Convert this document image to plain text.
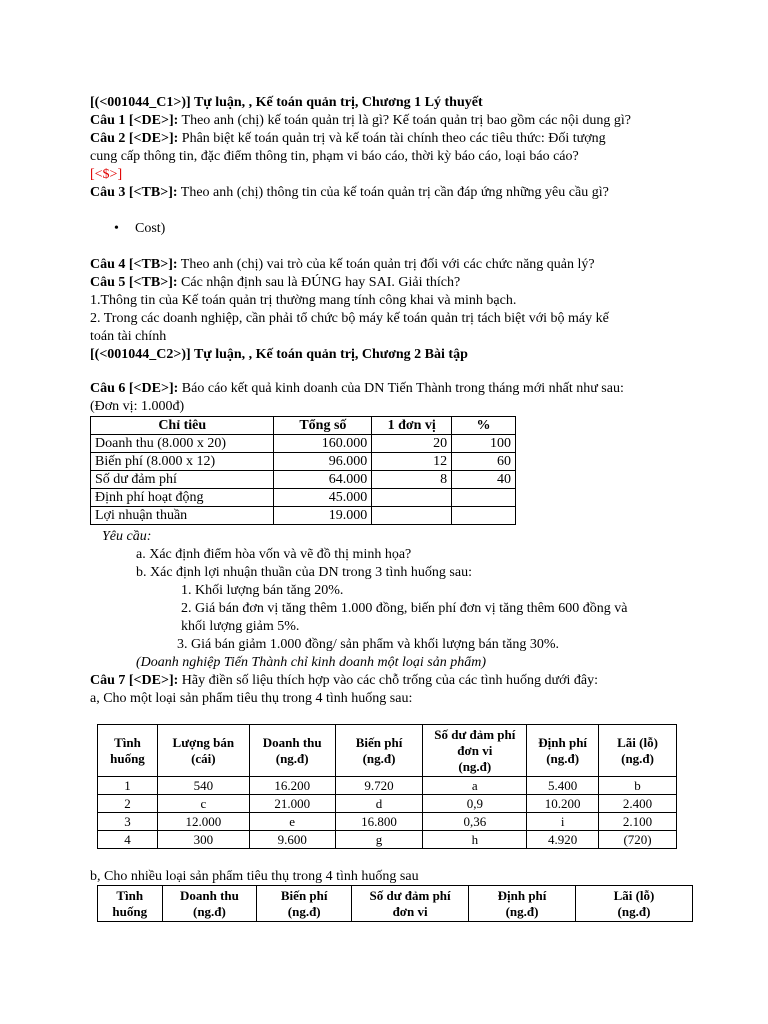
[(<001044_C1>)] Tự luận, , Kế toán quản trị, Chương 1 Lý thuyết
Câu 1 [<DE>]: Theo anh (chị) kế toán quản trị là gì? Kế toán quản trị bao gồm các nội dung gì?
Câu 2 [<DE>]: Phân biệt kế toán quản trị và kế toán tài chính theo các tiêu thức: Đối tượng
cung cấp thông tin, đặc điểm thông tin, phạm vi báo cáo, thời kỳ báo cáo, loại báo cáo?
[<$>]
Câu 3 [<TB>]: Theo anh (chị) thông tin của kế toán quản trị cần đáp ứng những yêu cầu gì?
• Cost)
Câu 4 [<TB>]: Theo anh (chị) vai trò của kế toán quản trị đối với các chức năng quản lý?
Câu 5 [<TB>]: Các nhận định sau là ĐÚNG hay SAI. Giải thích?
1.Thông tin của Kế toán quản trị thường mang tính công khai và minh bạch.
2. Trong các doanh nghiệp, cần phải tổ chức bộ máy kế toán quản trị tách biệt với bộ máy kế
toán tài chính
[(<001044_C2>)] Tự luận, , Kế toán quản trị, Chương 2 Bài tập
Câu 6 [<DE>]: Báo cáo kết quả kinh doanh của DN Tiến Thành trong tháng mới nhất như sau:
(Đơn vị: 1.000đ)
Chỉ tiêu	Tổng số	1 đơn vị	%
Doanh thu (8.000 x 20)	160.000	20	100
Biến phí (8.000 x 12)	96.000	12	60
Số dư đảm phí	64.000	8	40
Định phí hoạt động	45.000		
Lợi nhuận thuần	19.000		
Yêu cầu:
a. Xác định điểm hòa vốn và vẽ đồ thị minh họa?
b. Xác định lợi nhuận thuần của DN trong 3 tình huống sau:
1. Khối lượng bán tăng 20%.
2. Giá bán đơn vị tăng thêm 1.000 đồng, biến phí đơn vị tăng thêm 600 đồng và
khối lượng giảm 5%.
3. Giá bán giảm 1.000 đồng/ sản phẩm và khối lượng bán tăng 30%.
(Doanh nghiệp Tiến Thành chỉ kinh doanh một loại sản phẩm)
Câu 7 [<DE>]: Hãy điền số liệu thích hợp vào các chỗ trống của các tình huống dưới đây:
a, Cho một loại sản phẩm tiêu thụ trong 4 tình huống sau:
Tình
huống	Lượng bán
(cái)	Doanh thu
(ng.đ)	Biến phí
(ng.đ)	Số dư đảm phí
đơn vi
(ng.đ)	Định phí
(ng.đ)	Lãi (lỗ)
(ng.đ)
1	540	16.200	9.720	a	5.400	b
2	c	21.000	d	0,9	10.200	2.400
3	12.000	e	16.800	0,36	i	2.100
4	300	9.600	g	h	4.920	(720)
b, Cho nhiều loại sản phẩm tiêu thụ trong 4 tình huống sau
Tình
huống	Doanh thu
(ng.đ)	Biến phí
(ng.đ)	Số dư đảm phí
đơn vi	Định phí
(ng.đ)	Lãi (lỗ)
(ng.đ)
